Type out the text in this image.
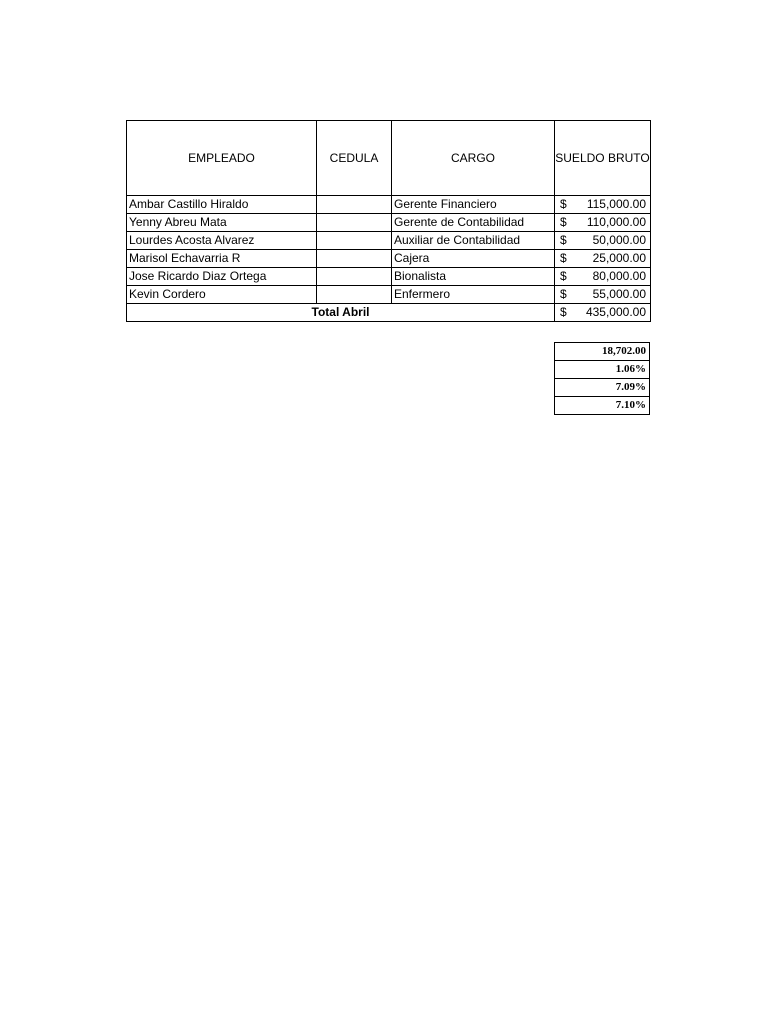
EMPLEADO	CEDULA	CARGO	SUELDO BRUTO
Ambar Castillo Hiraldo		Gerente Financiero	$ 115,000.00

Yenny Abreu Mata		Gerente de Contabilidad	$ 110,000.00

Lourdes Acosta Alvarez		Auxiliar de Contabilidad	$ 50,000.00

Marisol Echavarria R		Cajera	$ 25,000.00

Jose Ricardo Diaz Ortega		Bionalista	$ 80,000.00

Kevin Cordero		Enfermero	$ 55,000.00

Total Abril			$ 435,000.00
18,702.00
1.06%
7.09%
7.10%
